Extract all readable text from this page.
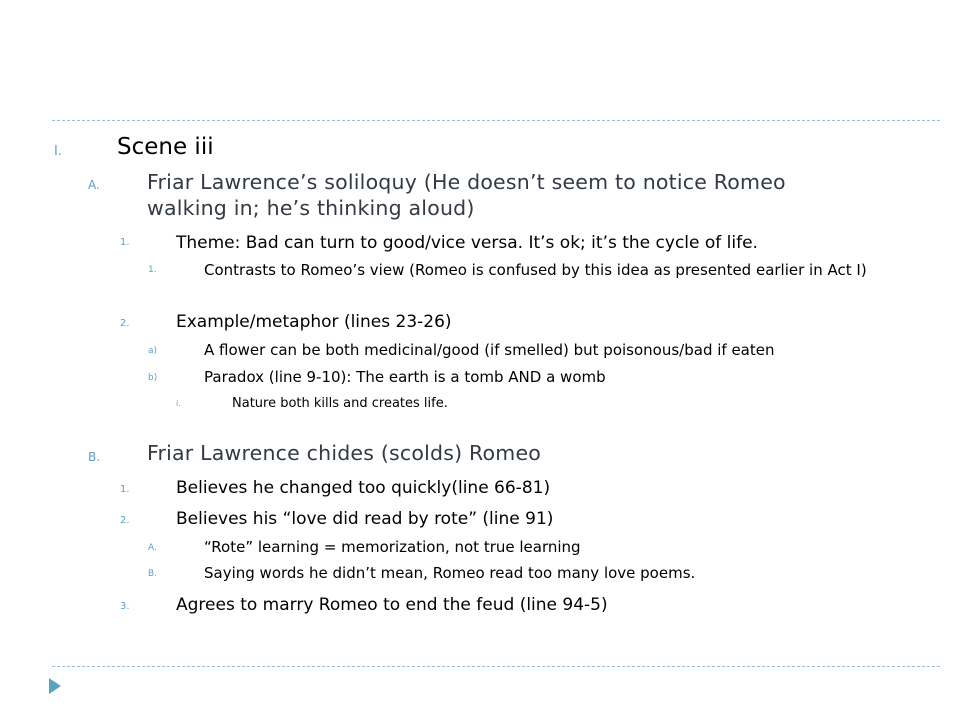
I. Scene iii
A. Friar Lawrence’s soliloquy (He doesn’t seem to notice Romeo walking in; he’s thinking aloud)
1.	Theme: Bad can turn to good/vice versa. It’s ok; it’s the cycle of life.
1.	Contrasts to Romeo’s view (Romeo is confused by this idea as presented earlier in Act I)
2.	Example/metaphor (lines 23-26)
a)	A flower can be both medicinal/good (if smelled) but poisonous/bad if eaten
b)	Paradox (line 9-10): The earth is a tomb AND a womb
i.	Nature both kills and creates life.
B. Friar Lawrence chides (scolds) Romeo
1.	Believes he changed too quickly(line 66-81)
2.	Believes his “love did read by rote” (line 91)
A.	“Rote” learning = memorization, not true learning
B.	Saying words he didn’t mean, Romeo read too many love poems.
3.	Agrees to marry Romeo to end the feud (line 94-5)
